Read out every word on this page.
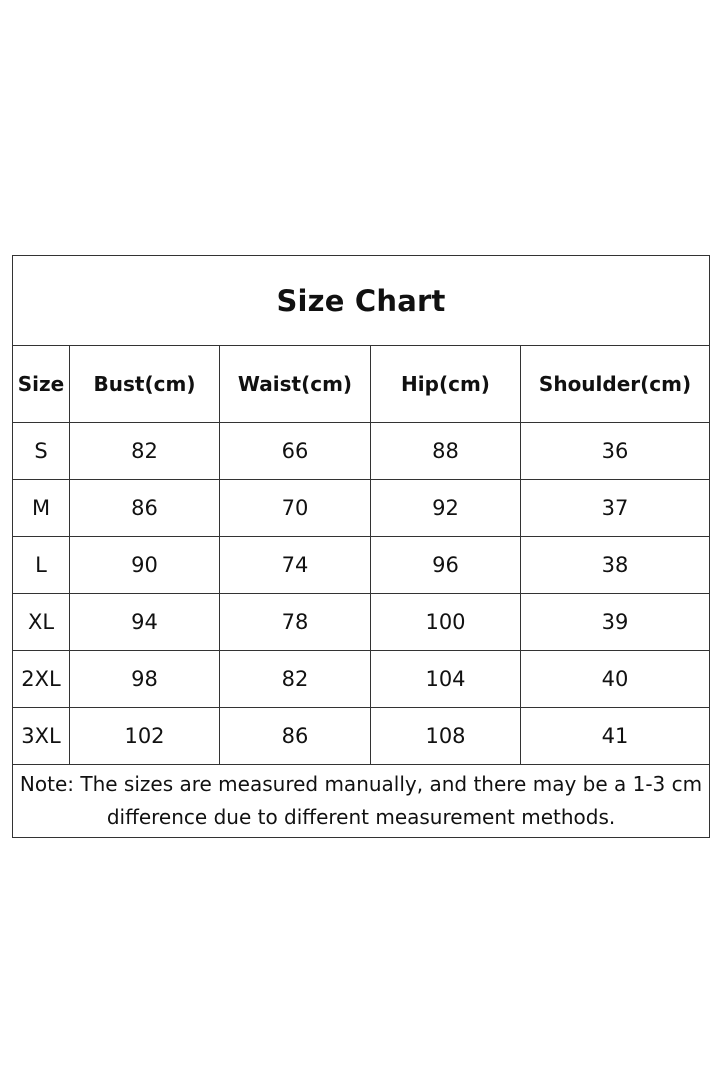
Size Chart				
Size	Bust(cm)	Waist(cm)	Hip(cm)	Shoulder(cm)
S	82	66	88	36
M	86	70	92	37
L	90	74	96	38
XL	94	78	100	39
2XL	98	82	104	40
3XL	102	86	108	41
Note: The sizes are measured manually, and there may be a 1-3 cm difference due to different measurement methods.				
